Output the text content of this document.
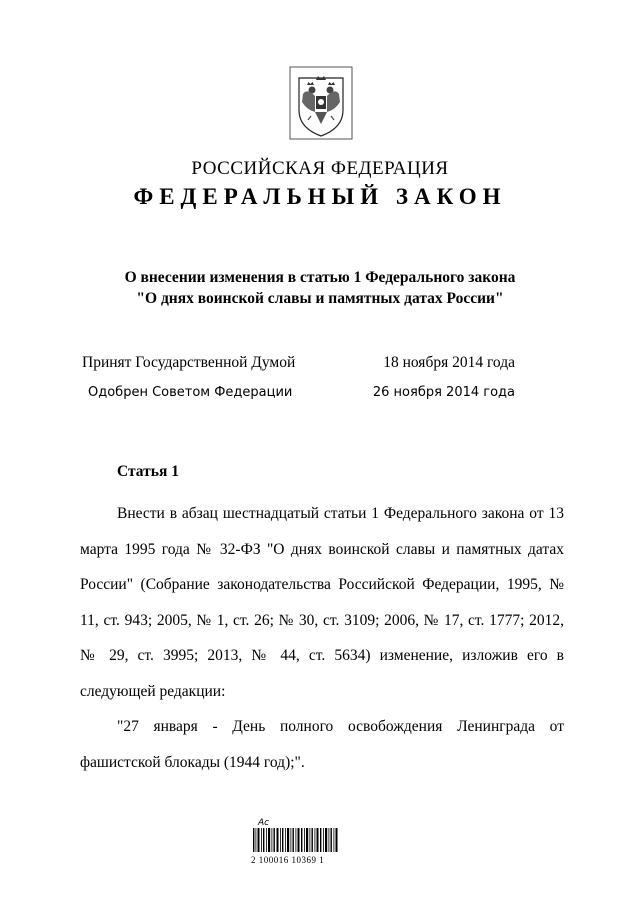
РОССИЙСКАЯ ФЕДЕРАЦИЯ
ФЕДЕРАЛЬНЫЙ ЗАКОН
О внесении изменения в статью 1 Федерального закона
"О днях воинской славы и памятных датах России"
Принят Государственной Думой	18 ноября 2014 года
Одобрен Советом Федерации	26 ноября 2014 года
Статья 1

Внести в абзац шестнадцатый статьи 1 Федерального закона от 13 марта 1995 года № 32-ФЗ "О днях воинской славы и памятных датах России" (Собрание законодательства Российской Федерации, 1995, № 11, ст. 943; 2005, № 1, ст. 26; № 30, ст. 3109; 2006, № 17, ст. 1777; 2012, № 29, ст. 3995; 2013, № 44, ст. 5634) изменение, изложив его в следующей редакции:

"27 января - День полного освобождения Ленинграда от фашистской блокады (1944 год);".

Ас
2 100016 10369 1
